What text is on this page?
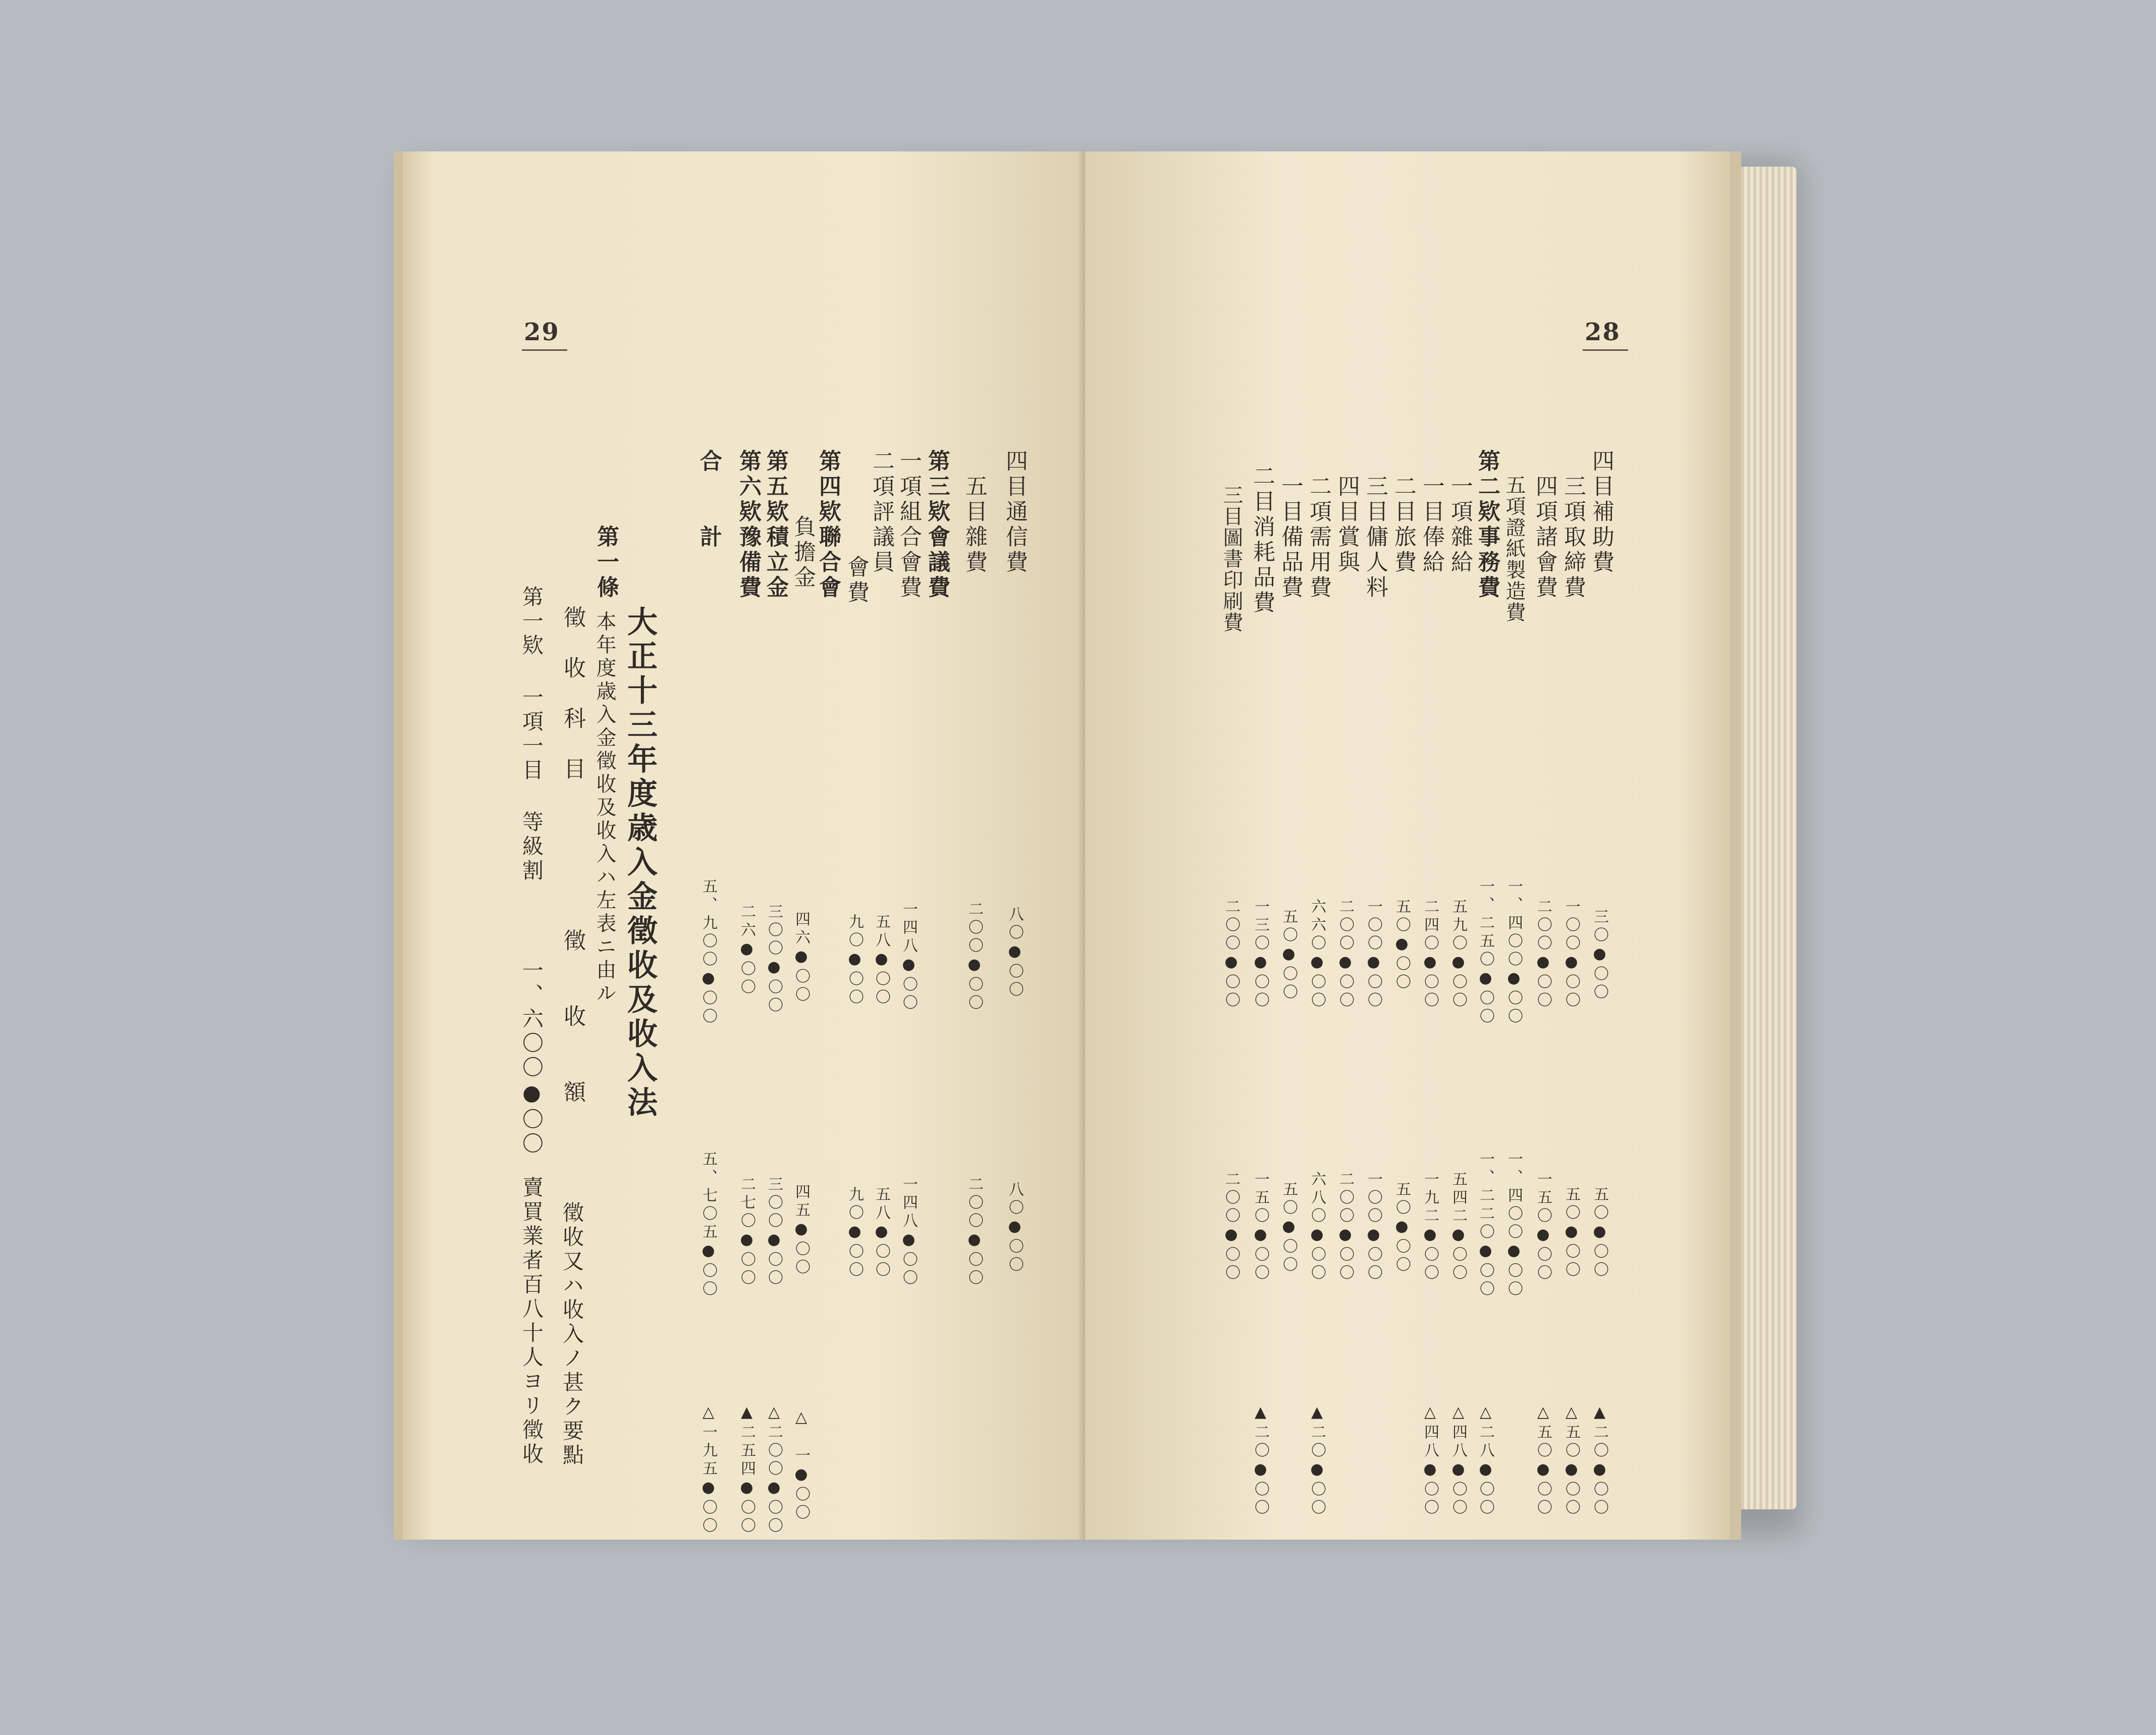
29
四目通信費
八〇●〇〇
八〇●〇〇
五目雜費
二〇〇●〇〇
二〇〇●〇〇
第三欵會議費
一項組合會費
一四八●〇〇
一四八●〇〇
二項評議員
五八●〇〇
五八●〇〇
會費
九〇●〇〇
九〇●〇〇
第四欵聯合會
負擔金
四六●〇〇
四五●〇〇
△　一●〇〇
第五欵積立金
三〇〇●〇〇
三〇〇●〇〇
△二〇〇●〇〇
第六欵豫備費
二六●〇〇
二七〇●〇〇
▲二五四●〇〇
合　　計
五、九〇〇●〇〇
五、七〇五●〇〇
△一九五●〇〇
大正十三年度歳入金徵收及收入法
第一條
本年度歳入金徵收及收入ハ左表ニ由ル
徵　收　科　目
徵　　收　　額
徵收又ハ收入ノ甚ク要點
第一欵 一項一目 等級割
一、六〇〇●〇〇
賣買業者百八十人ヨリ徵收
28
四目補助費
三〇●〇〇
五〇●〇〇
▲二〇●〇〇
三項取締費
一〇〇●〇〇
五〇●〇〇
△五〇●〇〇
四項諸會費
二〇〇●〇〇
一五〇●〇〇
△五〇●〇〇
五項證紙製造費
一、四〇〇●〇〇
一、四〇〇●〇〇
第二欵事務費
一、二五〇●〇〇
一、二二〇●〇〇
△二八●〇〇
一項雜給
五九〇●〇〇
五四二●〇〇
△四八●〇〇
一目俸給
二四〇●〇〇
一九二●〇〇
△四八●〇〇
二目旅費
五〇●〇〇
五〇●〇〇
三目傭人料
一〇〇●〇〇
一〇〇●〇〇
四目賞與
二〇〇●〇〇
二〇〇●〇〇
二項需用費
六六〇●〇〇
六八〇●〇〇
▲二〇●〇〇
一目備品費
五〇●〇〇
五〇●〇〇
二目消耗品費
一三〇●〇〇
一五〇●〇〇
▲二〇●〇〇
三目圖書印刷費
二〇〇●〇〇
二〇〇●〇〇
